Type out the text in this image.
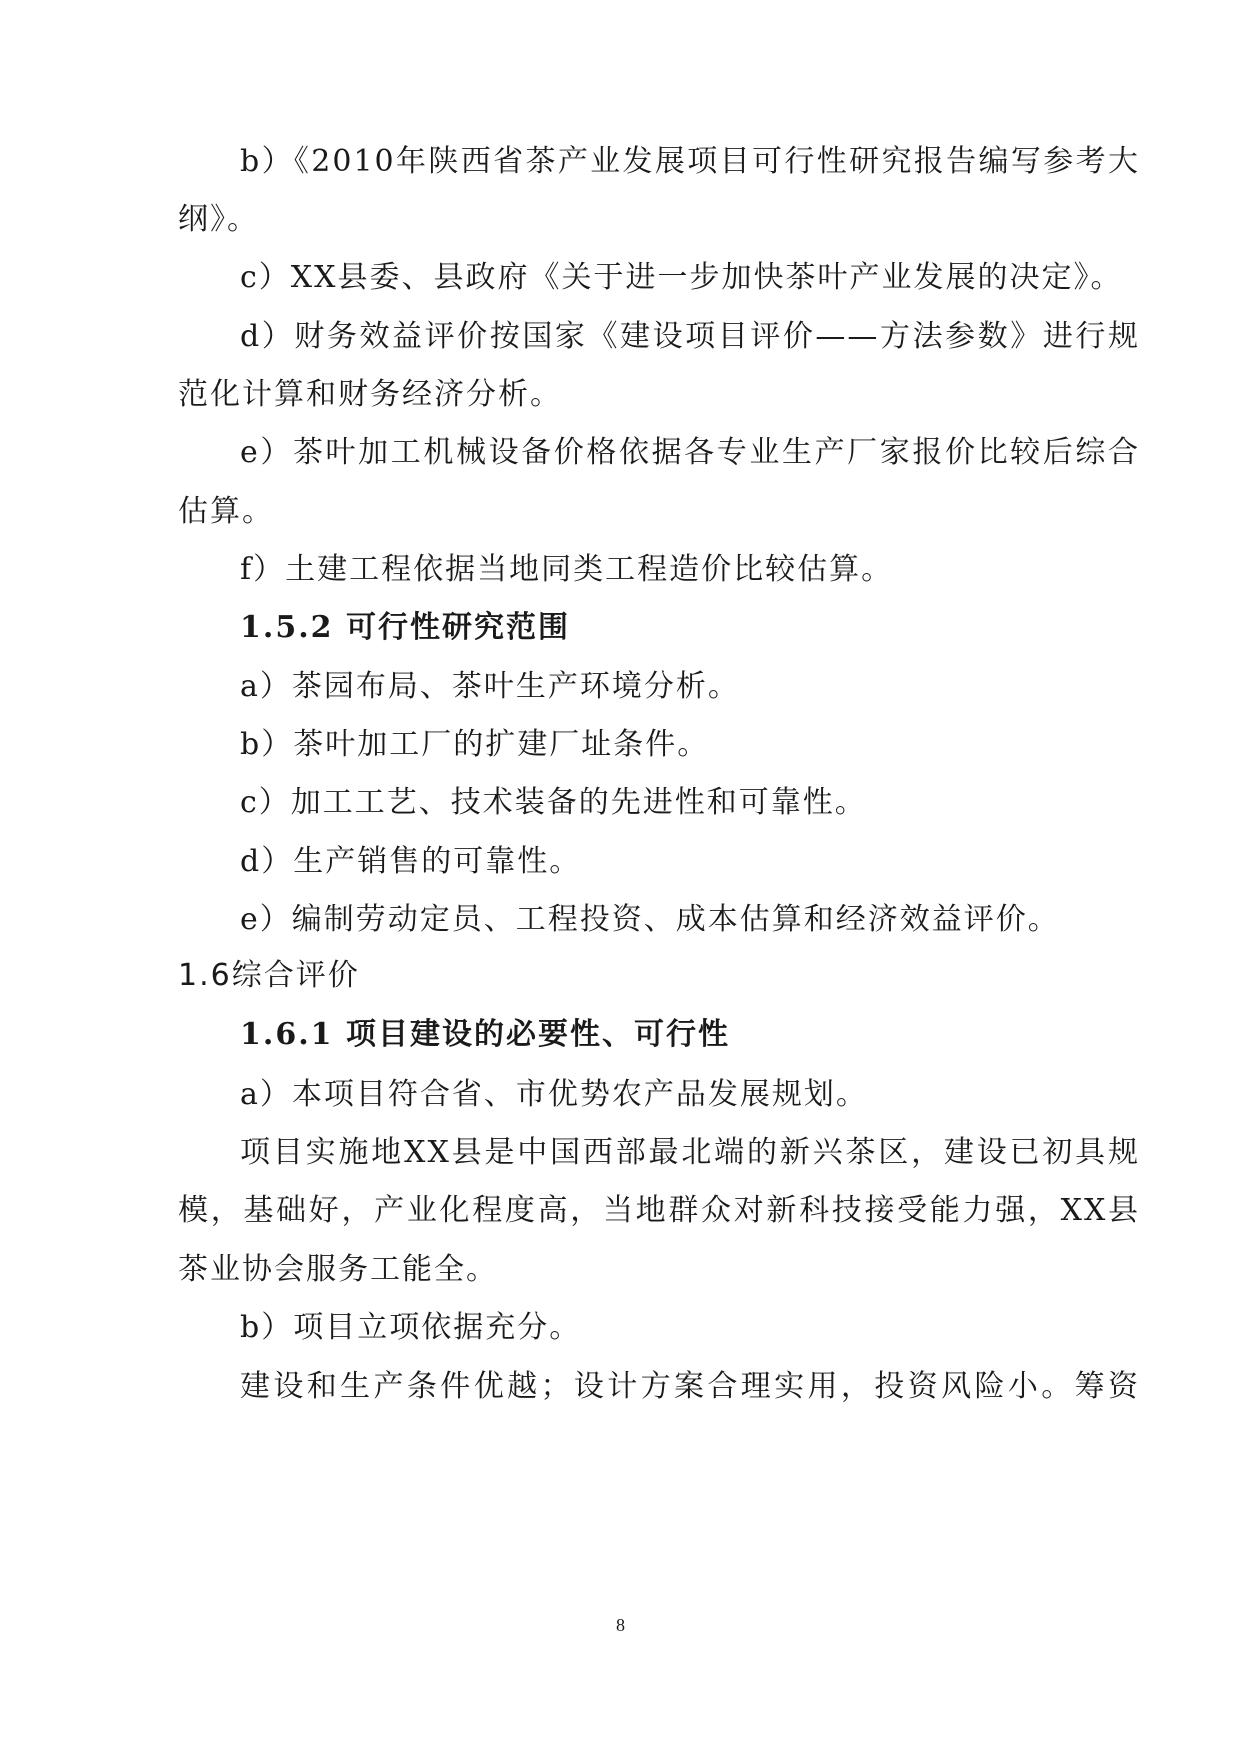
b）《2010年陕西省茶产业发展项目可行性研究报告编写参考大
纲》。
c）XX县委、县政府《关于进一步加快茶叶产业发展的决定》。
d）财务效益评价按国家《建设项目评价——方法参数》进行规
范化计算和财务经济分析。
e）茶叶加工机械设备价格依据各专业生产厂家报价比较后综合
估算。
f）土建工程依据当地同类工程造价比较估算。
1.5.2 可行性研究范围
a）茶园布局、茶叶生产环境分析。
b）茶叶加工厂的扩建厂址条件。
c）加工工艺、技术装备的先进性和可靠性。
d）生产销售的可靠性。
e）编制劳动定员、工程投资、成本估算和经济效益评价。
1.6综合评价
1.6.1 项目建设的必要性、可行性
a）本项目符合省、市优势农产品发展规划。
项目实施地XX县是中国西部最北端的新兴茶区，建设已初具规
模，基础好，产业化程度高，当地群众对新科技接受能力强，XX县
茶业协会服务工能全。
b）项目立项依据充分。
建设和生产条件优越；设计方案合理实用，投资风险小。筹资
8
